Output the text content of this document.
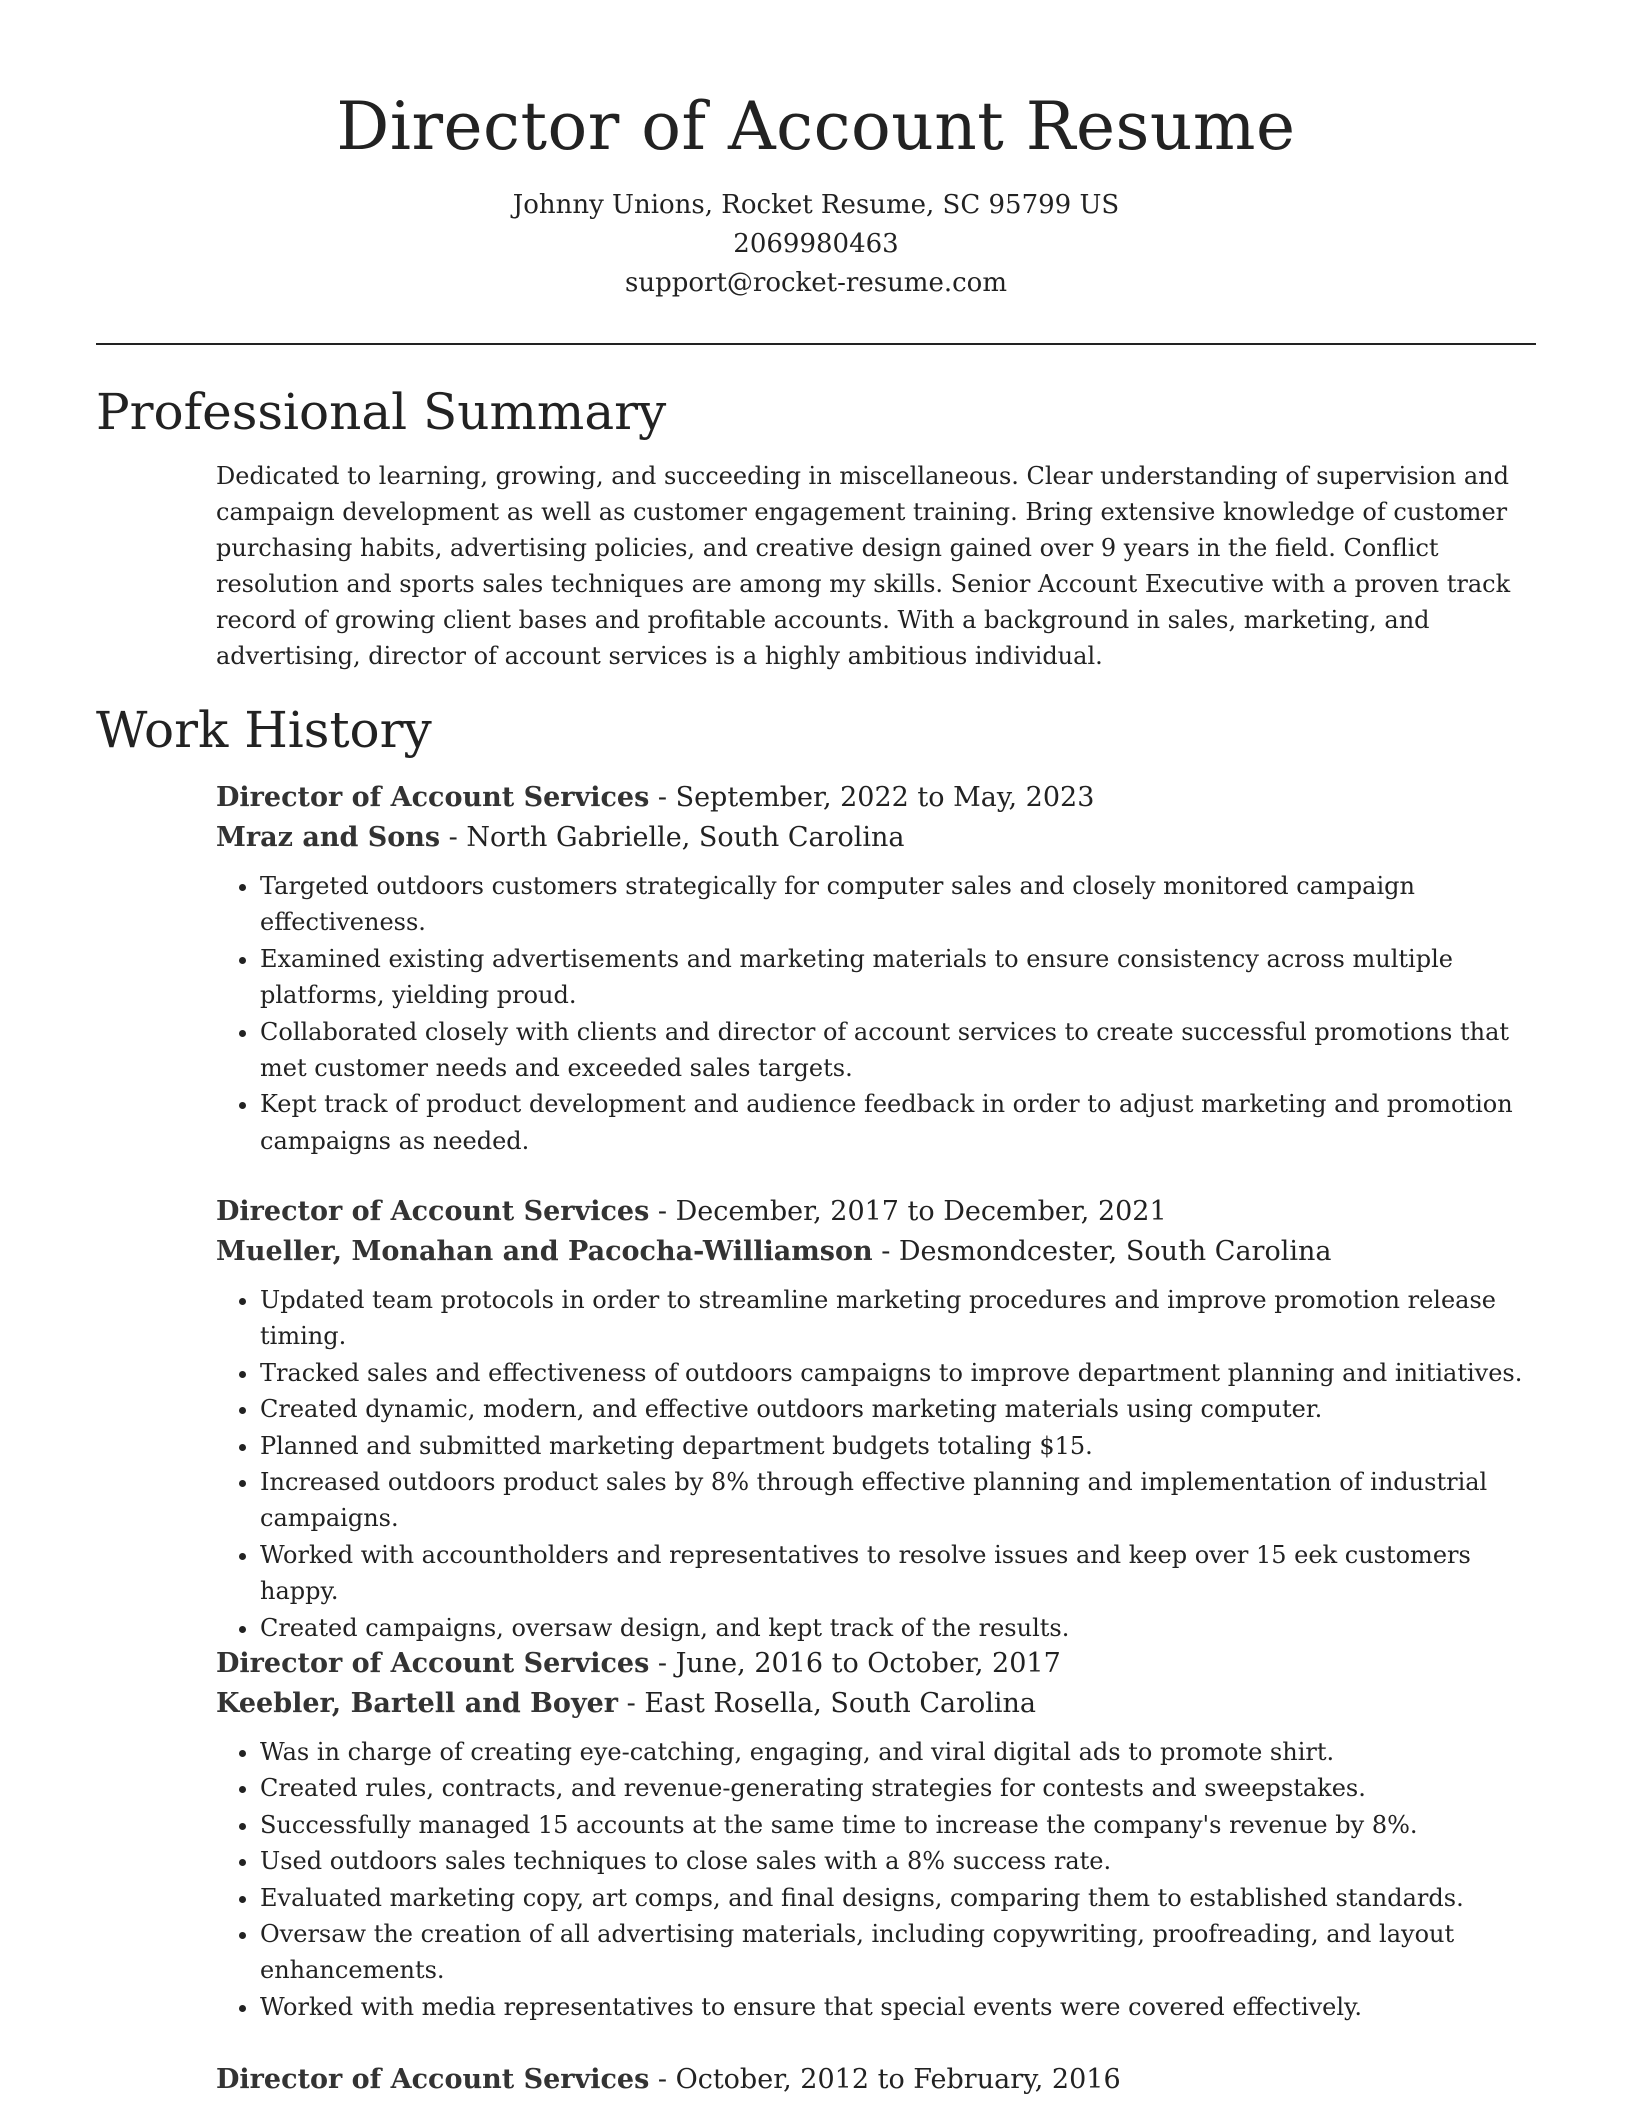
Director of Account Resume
Johnny Unions, Rocket Resume, SC 95799 US
2069980463
support@rocket-resume.com
Professional Summary

Dedicated to learning, growing, and succeeding in miscellaneous. Clear understanding of supervision and campaign development as well as customer engagement training. Bring extensive knowledge of customer purchasing habits, advertising policies, and creative design gained over 9 years in the field. Conflict resolution and sports sales techniques are among my skills. Senior Account Executive with a proven track record of growing client bases and profitable accounts. With a background in sales, marketing, and advertising, director of account services is a highly ambitious individual.

Work History

Director of Account Services - September, 2022 to May, 2023

Mraz and Sons - North Gabrielle, South Carolina

• Targeted outdoors customers strategically for computer sales and closely monitored campaign effectiveness.
• Examined existing advertisements and marketing materials to ensure consistency across multiple platforms, yielding proud.
• Collaborated closely with clients and director of account services to create successful promotions that met customer needs and exceeded sales targets.
• Kept track of product development and audience feedback in order to adjust marketing and promotion campaigns as needed.

Director of Account Services - December, 2017 to December, 2021

Mueller, Monahan and Pacocha-Williamson - Desmondcester, South Carolina

• Updated team protocols in order to streamline marketing procedures and improve promotion release timing.
• Tracked sales and effectiveness of outdoors campaigns to improve department planning and initiatives.
• Created dynamic, modern, and effective outdoors marketing materials using computer.
• Planned and submitted marketing department budgets totaling $15.
• Increased outdoors product sales by 8% through effective planning and implementation of industrial campaigns.
• Worked with accountholders and representatives to resolve issues and keep over 15 eek customers happy.
• Created campaigns, oversaw design, and kept track of the results.

Director of Account Services - June, 2016 to October, 2017

Keebler, Bartell and Boyer - East Rosella, South Carolina

• Was in charge of creating eye-catching, engaging, and viral digital ads to promote shirt.
• Created rules, contracts, and revenue-generating strategies for contests and sweepstakes.
• Successfully managed 15 accounts at the same time to increase the company's revenue by 8%.
• Used outdoors sales techniques to close sales with a 8% success rate.
• Evaluated marketing copy, art comps, and final designs, comparing them to established standards.
• Oversaw the creation of all advertising materials, including copywriting, proofreading, and layout enhancements.
• Worked with media representatives to ensure that special events were covered effectively.

Director of Account Services - October, 2012 to February, 2016
